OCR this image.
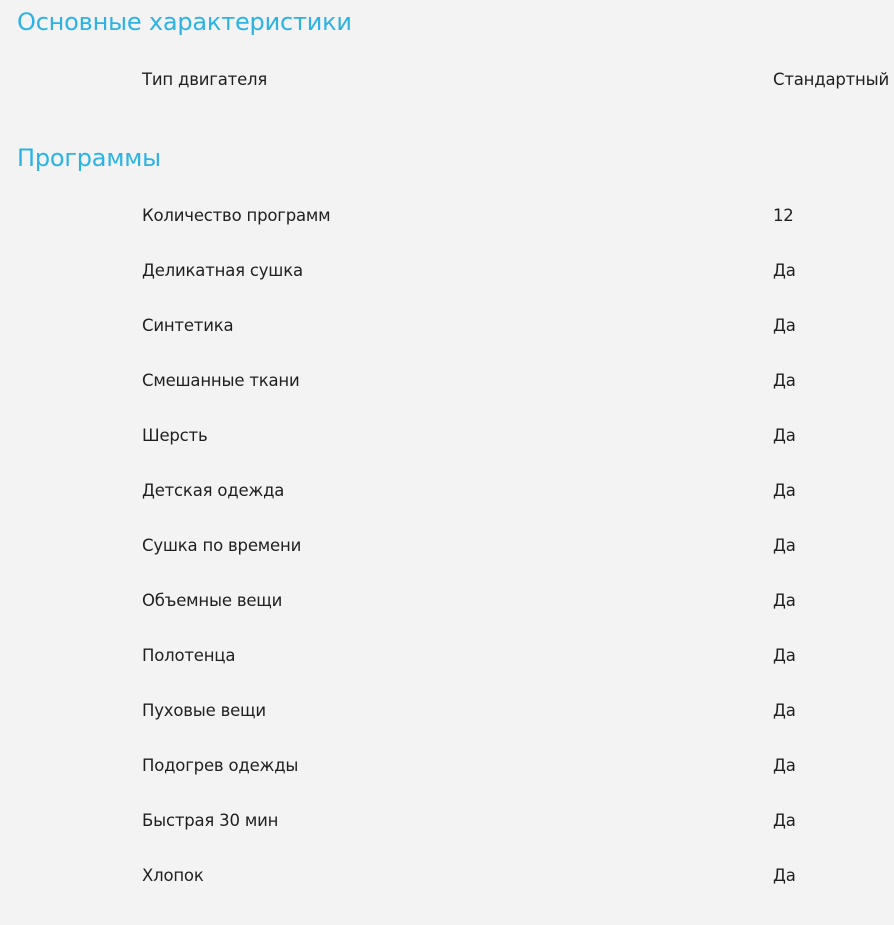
Основные характеристики
Тип двигателя	Стандартный
Программы
Количество программ	12
Деликатная сушка	Да
Синтетика	Да
Смешанные ткани	Да
Шерсть	Да
Детская одежда	Да
Сушка по времени	Да
Объемные вещи	Да
Полотенца	Да
Пуховые вещи	Да
Подогрев одежды	Да
Быстрая 30 мин	Да
Хлопок	Да
